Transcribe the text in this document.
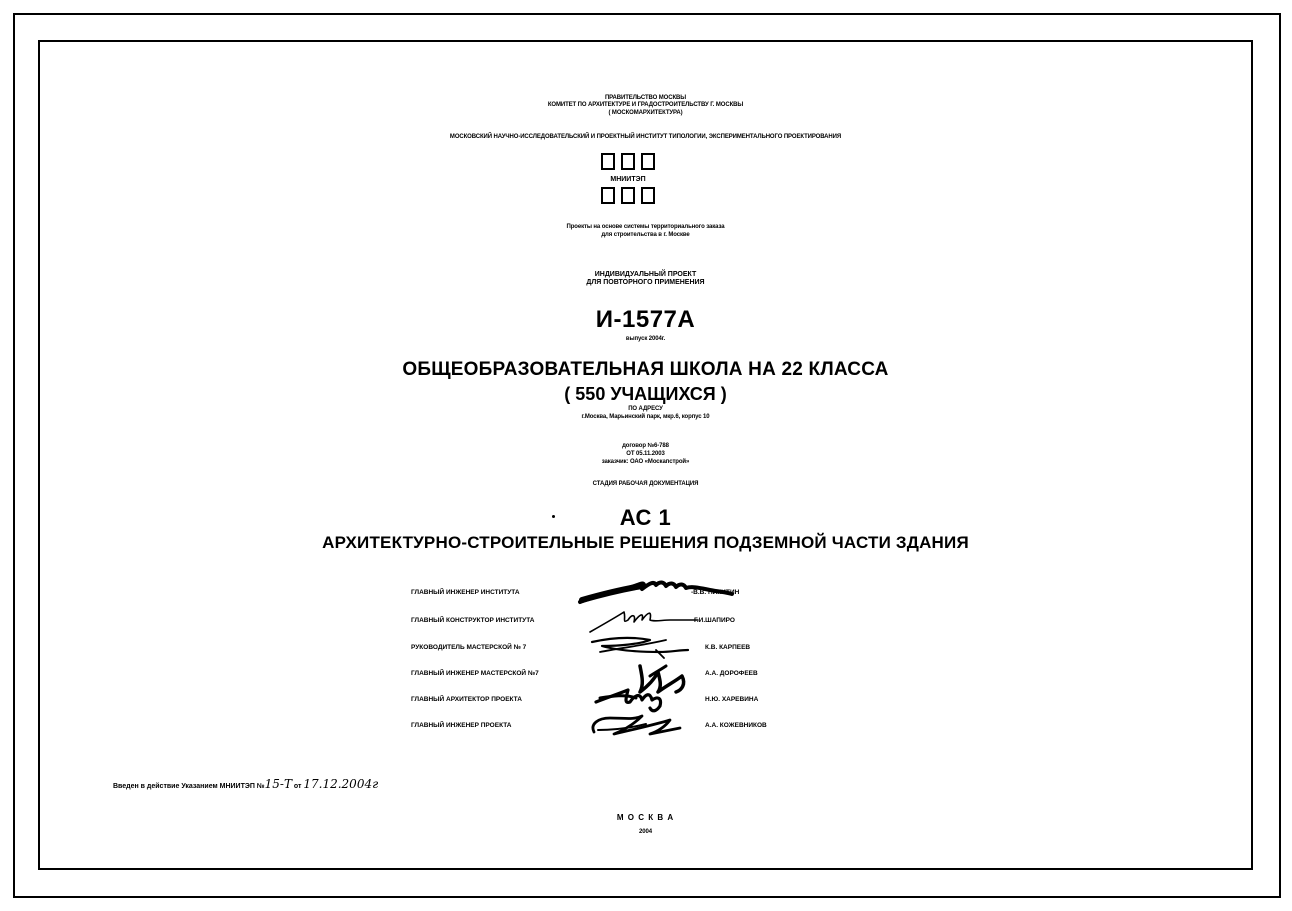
ПРАВИТЕЛЬСТВО МОСКВЫ
КОМИТЕТ ПО АРХИТЕКТУРЕ И ГРАДОСТРОИТЕЛЬСТВУ Г. МОСКВЫ
( МОСКОМАРХИТЕКТУРА)
МОСКОВСКИЙ НАУЧНО-ИССЛЕДОВАТЕЛЬСКИЙ И ПРОЕКТНЫЙ ИНСТИТУТ ТИПОЛОГИИ, ЭКСПЕРИМЕНТАЛЬНОГО ПРОЕКТИРОВАНИЯ
МНИИТЭП
Проекты на основе системы территориального заказа
для строительства в г. Москве
ИНДИВИДУАЛЬНЫЙ ПРОЕКТ
ДЛЯ ПОВТОРНОГО ПРИМЕНЕНИЯ
И-1577А
выпуск 2004г.
ОБЩЕОБРАЗОВАТЕЛЬНАЯ ШКОЛА НА 22 КЛАССА
( 550 УЧАЩИХСЯ )
ПО АДРЕСУ
г.Москва, Марьинский парк, мкр.6, корпус 10
договор №6-788
ОТ 05.11.2003
заказчик: ОАО «Москапстрой»
СТАДИЯ РАБОЧАЯ ДОКУМЕНТАЦИЯ
АС 1
АРХИТЕКТУРНО-СТРОИТЕЛЬНЫЕ РЕШЕНИЯ ПОДЗЕМНОЙ ЧАСТИ ЗДАНИЯ
ГЛАВНЫЙ ИНЖЕНЕР ИНСТИТУТА	-В.В. НИКИТИН
ГЛАВНЫЙ КОНСТРУКТОР ИНСТИТУТА	Г.И.ШАПИРО
РУКОВОДИТЕЛЬ МАСТЕРСКОЙ № 7	К.В. КАРПЕЕВ
ГЛАВНЫЙ ИНЖЕНЕР МАСТЕРСКОЙ №7	А.А. ДОРОФЕЕВ
ГЛАВНЫЙ АРХИТЕКТОР ПРОЕКТА	Н.Ю. ХАРЕВИНА
ГЛАВНЫЙ ИНЖЕНЕР ПРОЕКТА	А.А. КОЖЕВНИКОВ
Введен в действие Указанием МНИИТЭП №15-Т от 17.12.2004г
М О С К В А
2004
